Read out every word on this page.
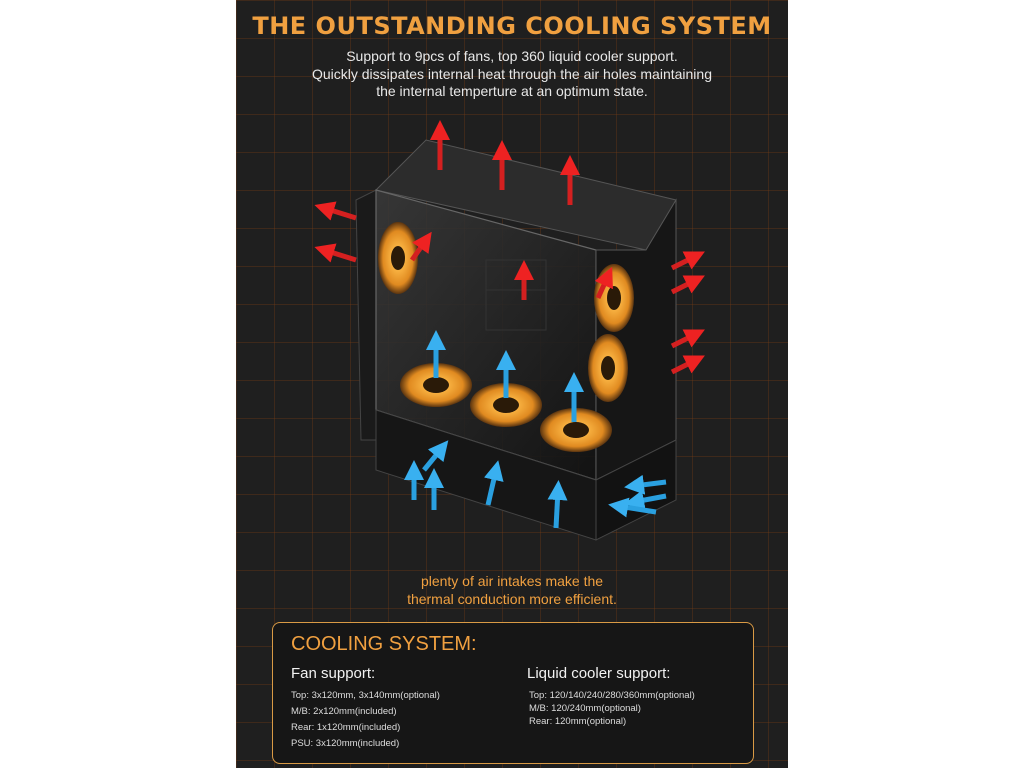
THE OUTSTANDING COOLING SYSTEM
Support to 9pcs of fans, top 360 liquid cooler support.
Quickly dissipates internal heat through the air holes maintaining
the internal temperture at an optimum state.
plenty of air intakes make the
thermal conduction more efficient.
COOLING SYSTEM:
Fan support:	Liquid cooler support:
Top: 3x120mm, 3x140mm(optional)
M/B: 2x120mm(included)
Rear: 1x120mm(included)
PSU: 3x120mm(included)
Top: 120/140/240/280/360mm(optional)
M/B: 120/240mm(optional)
Rear: 120mm(optional)
